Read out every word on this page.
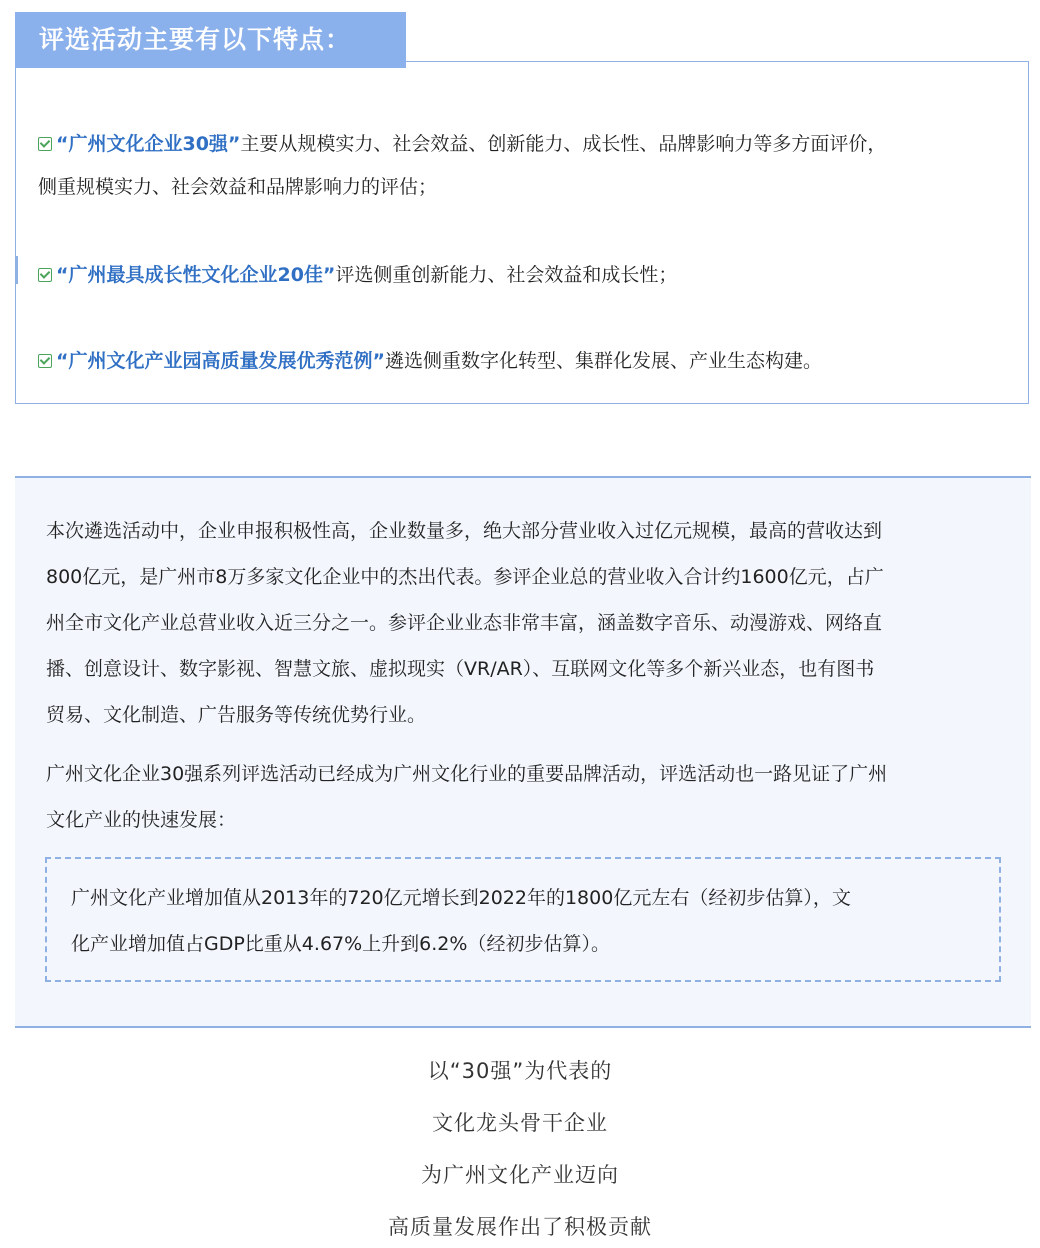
评选活动主要有以下特点：
“广州文化企业30强”主要从规模实力、社会效益、创新能力、成长性、品牌影响力等多方面评价，
侧重规模实力、社会效益和品牌影响力的评估；
“广州最具成长性文化企业20佳”评选侧重创新能力、社会效益和成长性；
“广州文化产业园高质量发展优秀范例”遴选侧重数字化转型、集群化发展、产业生态构建。
本次遴选活动中，企业申报积极性高，企业数量多，绝大部分营业收入过亿元规模，最高的营收达到
800亿元，是广州市8万多家文化企业中的杰出代表。参评企业总的营业收入合计约1600亿元，占广
州全市文化产业总营业收入近三分之一。参评企业业态非常丰富，涵盖数字音乐、动漫游戏、网络直
播、创意设计、数字影视、智慧文旅、虚拟现实（VR/AR）、互联网文化等多个新兴业态，也有图书
贸易、文化制造、广告服务等传统优势行业。
广州文化企业30强系列评选活动已经成为广州文化行业的重要品牌活动，评选活动也一路见证了广州
文化产业的快速发展：
广州文化产业增加值从2013年的720亿元增长到2022年的1800亿元左右（经初步估算），文
化产业增加值占GDP比重从4.67%上升到6.2%（经初步估算）。
以“30强”为代表的
文化龙头骨干企业
为广州文化产业迈向
高质量发展作出了积极贡献
